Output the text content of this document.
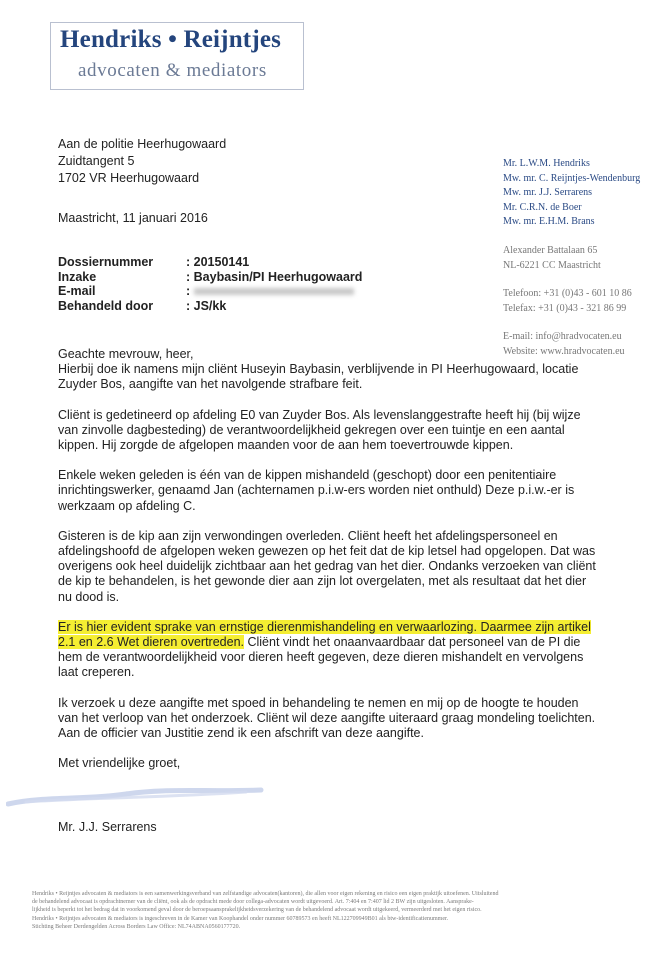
Hendriks • Reijntjes
advocaten & mediators
Aan de politie Heerhugowaard
Zuidtangent 5
1702 VR Heerhugowaard
Maastricht, 11 januari 2016
Dossiernummer	: 20150141
Inzake	: Baybasin/PI Heerhugowaard
E-mail	:
Behandeld door	: JS/kk
Mr. L.W.M. Hendriks
Mw. mr. C. Reijntjes-Wendenburg
Mw. mr. J.J. Serrarens
Mr. C.R.N. de Boer
Mw. mr. E.H.M. Brans
Alexander Battalaan 65
NL-6221 CC Maastricht
Telefoon: +31 (0)43 - 601 10 86
Telefax: +31 (0)43 - 321 86 99
E-mail: info@hradvocaten.eu
Website: www.hradvocaten.eu

Geachte mevrouw, heer,

Hierbij doe ik namens mijn cliënt Huseyin Baybasin, verblijvende in PI Heerhugowaard, locatie Zuyder Bos, aangifte van het navolgende strafbare feit.

Cliënt is gedetineerd op afdeling E0 van Zuyder Bos. Als levenslanggestrafte heeft hij (bij wijze van zinvolle dagbesteding) de verantwoordelijkheid gekregen over een tuintje en een aantal kippen. Hij zorgde de afgelopen maanden voor de aan hem toevertrouwde kippen.

Enkele weken geleden is één van de kippen mishandeld (geschopt) door een penitentiaire inrichtingswerker, genaamd Jan (achternamen p.i.w-ers worden niet onthuld) Deze p.i.w.-er is werkzaam op afdeling C.

Gisteren is de kip aan zijn verwondingen overleden. Cliënt heeft het afdelingspersoneel en afdelingshoofd de afgelopen weken gewezen op het feit dat de kip letsel had opgelopen. Dat was overigens ook heel duidelijk zichtbaar aan het gedrag van het dier. Ondanks verzoeken van cliënt de kip te behandelen, is het gewonde dier aan zijn lot overgelaten, met als resultaat dat het dier nu dood is.

Er is hier evident sprake van ernstige dierenmishandeling en verwaarlozing. Daarmee zijn artikel 2.1 en 2.6 Wet dieren overtreden. Cliënt vindt het onaanvaardbaar dat personeel van de PI die hem de verantwoordelijkheid voor dieren heeft gegeven, deze dieren mishandelt en vervolgens laat creperen.

Ik verzoek u deze aangifte met spoed in behandeling te nemen en mij op de hoogte te houden van het verloop van het onderzoek. Cliënt wil deze aangifte uiteraard graag mondeling toelichten. Aan de officier van Justitie zend ik een afschrift van deze aangifte.

Met vriendelijke groet,

Mr. J.J. Serrarens
Hendriks • Reijntjes advocaten & mediators is een samenwerkingsverband van zelfstandige advocaten(kantoren), die allen voor eigen rekening en risico een eigen praktijk uitoefenen. Uitsluitend
de behandelend advocaat is opdrachtnemer van de cliënt, ook als de opdracht mede door collega-advocaten wordt uitgevoerd. Art. 7:404 en 7:407 lid 2 BW zijn uitgesloten. Aansprake-
lijkheid is beperkt tot het bedrag dat in voorkomend geval door de beroepsaansprakelijkheidsverzekering van de behandelend advocaat wordt uitgekeerd, vermeerderd met het eigen risico.
Hendriks • Reijntjes advocaten & mediators is ingeschreven in de Kamer van Koophandel onder nummer 60789573 en heeft NL122709949B01 als btw-identificatienummer.
Stichting Beheer Derdengelden Across Borders Law Office: NL74ABNA0560177720.
